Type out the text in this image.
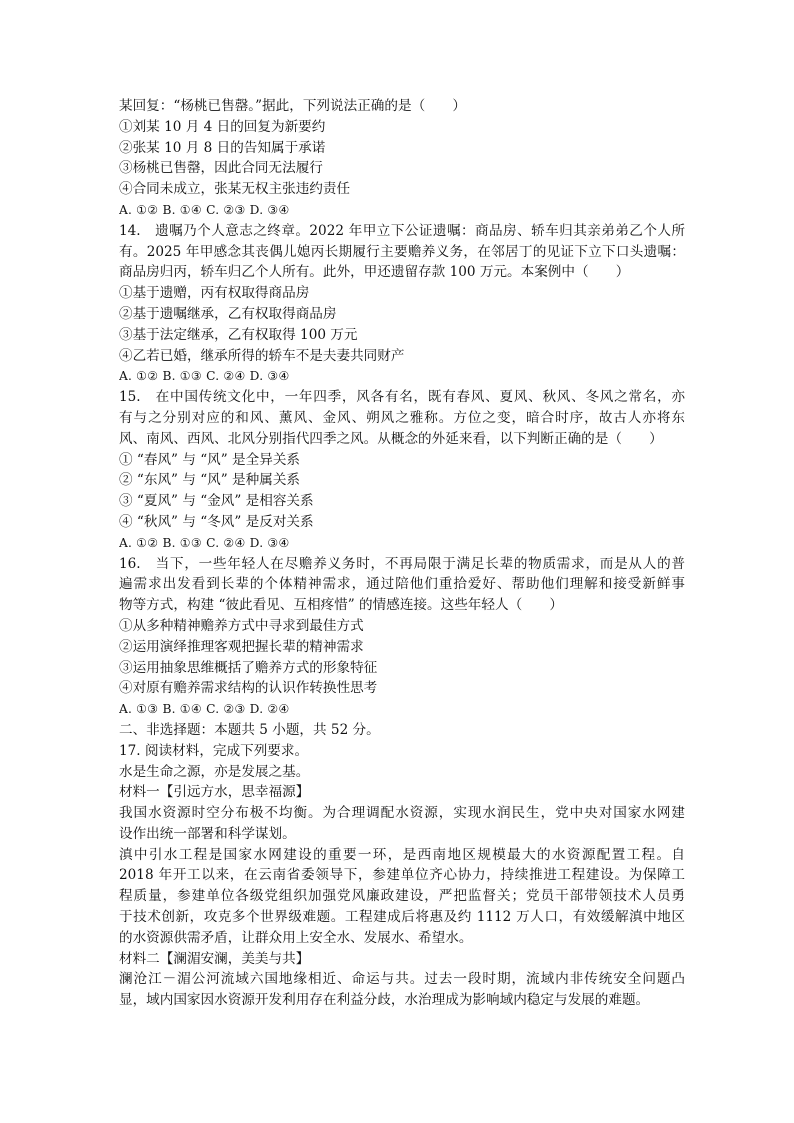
某回复：“杨桃已售罄。”据此，下列说法正确的是（　　）
①刘某 10 月 4 日的回复为新要约
②张某 10 月 8 日的告知属于承诺
③杨桃已售罄，因此合同无法履行
④合同未成立，张某无权主张违约责任
A. ①② B. ①④ C. ②③ D. ③④
14.　遗嘱乃个人意志之终章。2022 年甲立下公证遗嘱：商品房、轿车归其亲弟弟乙个人所
有。2025 年甲感念其丧偶儿媳丙长期履行主要赡养义务，在邻居丁的见证下立下口头遗嘱：
商品房归丙，轿车归乙个人所有。此外，甲还遗留存款 100 万元。本案例中（　　）
①基于遗赠，丙有权取得商品房
②基于遗嘱继承，乙有权取得商品房
③基于法定继承，乙有权取得 100 万元
④乙若已婚，继承所得的轿车不是夫妻共同财产
A. ①② B. ①③ C. ②④ D. ③④
15.　在中国传统文化中，一年四季，风各有名，既有春风、夏风、秋风、冬风之常名，亦
有与之分别对应的和风、薰风、金风、朔风之雅称。方位之变，暗合时序，故古人亦将东
风、南风、西风、北风分别指代四季之风。从概念的外延来看，以下判断正确的是（　　）
① “春风” 与 “风” 是全异关系
② “东风” 与 “风” 是种属关系
③ “夏风” 与 “金风” 是相容关系
④ “秋风” 与 “冬风” 是反对关系
A. ①② B. ①③ C. ②④ D. ③④
16.　当下，一些年轻人在尽赡养义务时，不再局限于满足长辈的物质需求，而是从人的普
遍需求出发看到长辈的个体精神需求，通过陪他们重拾爱好、帮助他们理解和接受新鲜事
物等方式，构建 “彼此看见、互相疼惜” 的情感连接。这些年轻人（　　）
①从多种精神赡养方式中寻求到最佳方式
②运用演绎推理客观把握长辈的精神需求
③运用抽象思维概括了赡养方式的形象特征
④对原有赡养需求结构的认识作转换性思考
A. ①③ B. ①④ C. ②③ D. ②④
二、非选择题：本题共 5 小题，共 52 分。
17. 阅读材料，完成下列要求。
水是生命之源，亦是发展之基。
材料一【引远方水，思幸福源】
我国水资源时空分布极不均衡。为合理调配水资源，实现水润民生，党中央对国家水网建
设作出统一部署和科学谋划。
滇中引水工程是国家水网建设的重要一环，是西南地区规模最大的水资源配置工程。自
2018 年开工以来，在云南省委领导下，参建单位齐心协力，持续推进工程建设。为保障工
程质量，参建单位各级党组织加强党风廉政建设，严把监督关；党员干部带领技术人员勇
于技术创新，攻克多个世界级难题。工程建成后将惠及约 1112 万人口，有效缓解滇中地区
的水资源供需矛盾，让群众用上安全水、发展水、希望水。
材料二【澜湄安澜，美美与共】
澜沧江－湄公河流域六国地缘相近、命运与共。过去一段时期，流域内非传统安全问题凸
显，域内国家因水资源开发利用存在利益分歧，水治理成为影响域内稳定与发展的难题。
